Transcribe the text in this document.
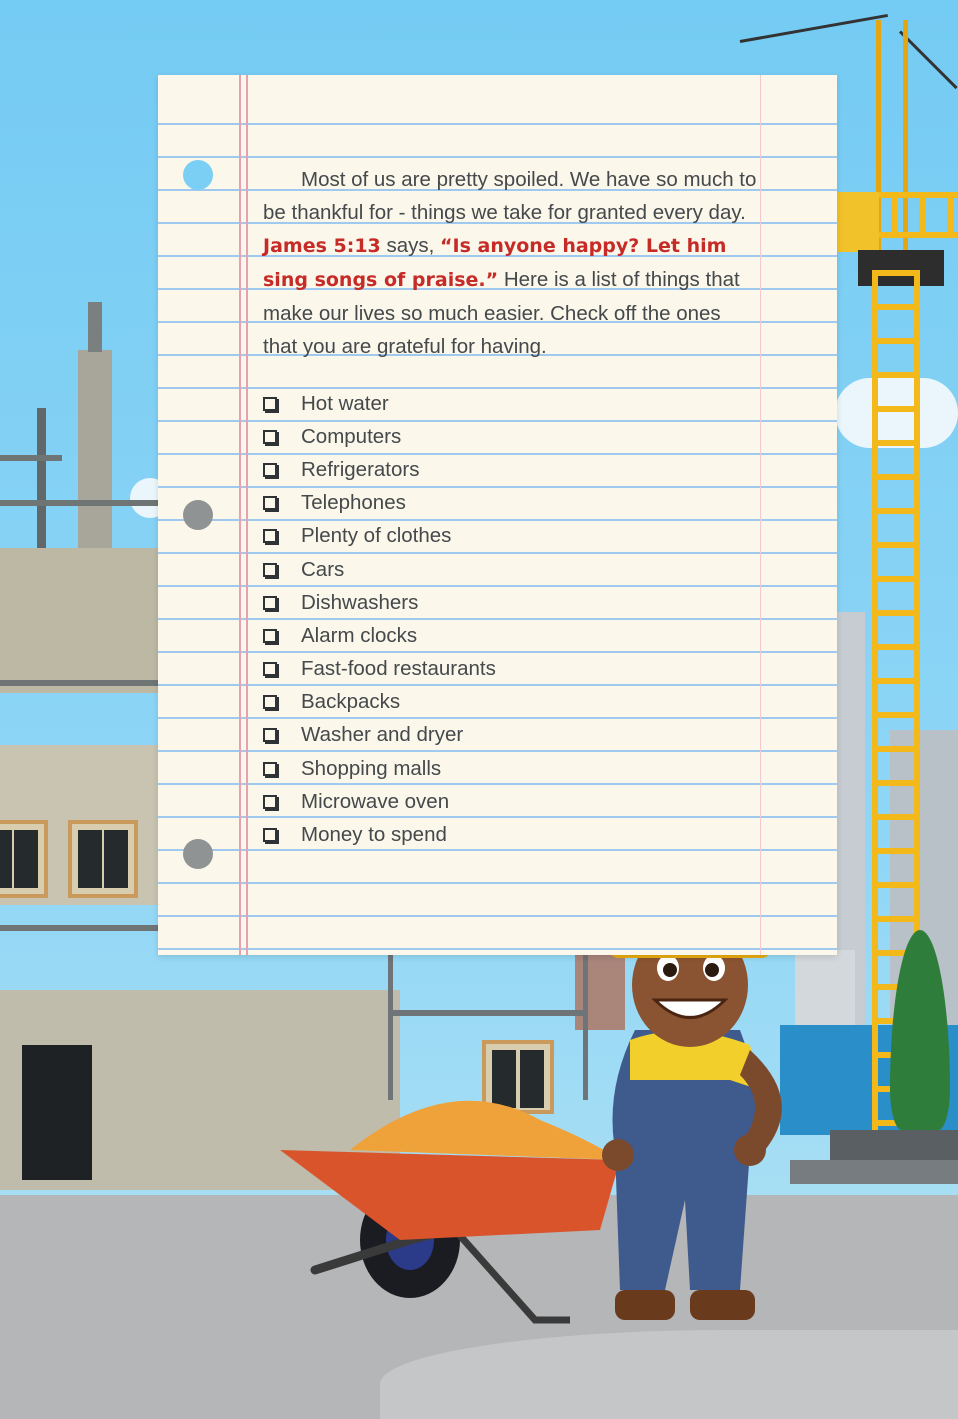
Most of us are pretty spoiled. We have so much to be thankful for - things we take for granted every day. James 5:13 says, “Is anyone happy? Let him sing songs of praise.” Here is a list of things that make our lives so much easier. Check off the ones that you are grateful for having.
Hot water
Computers
Refrigerators
Telephones
Plenty of clothes
Cars
Dishwashers
Alarm clocks
Fast-food restaurants
Backpacks
Washer and dryer
Shopping malls
Microwave oven
Money to spend
